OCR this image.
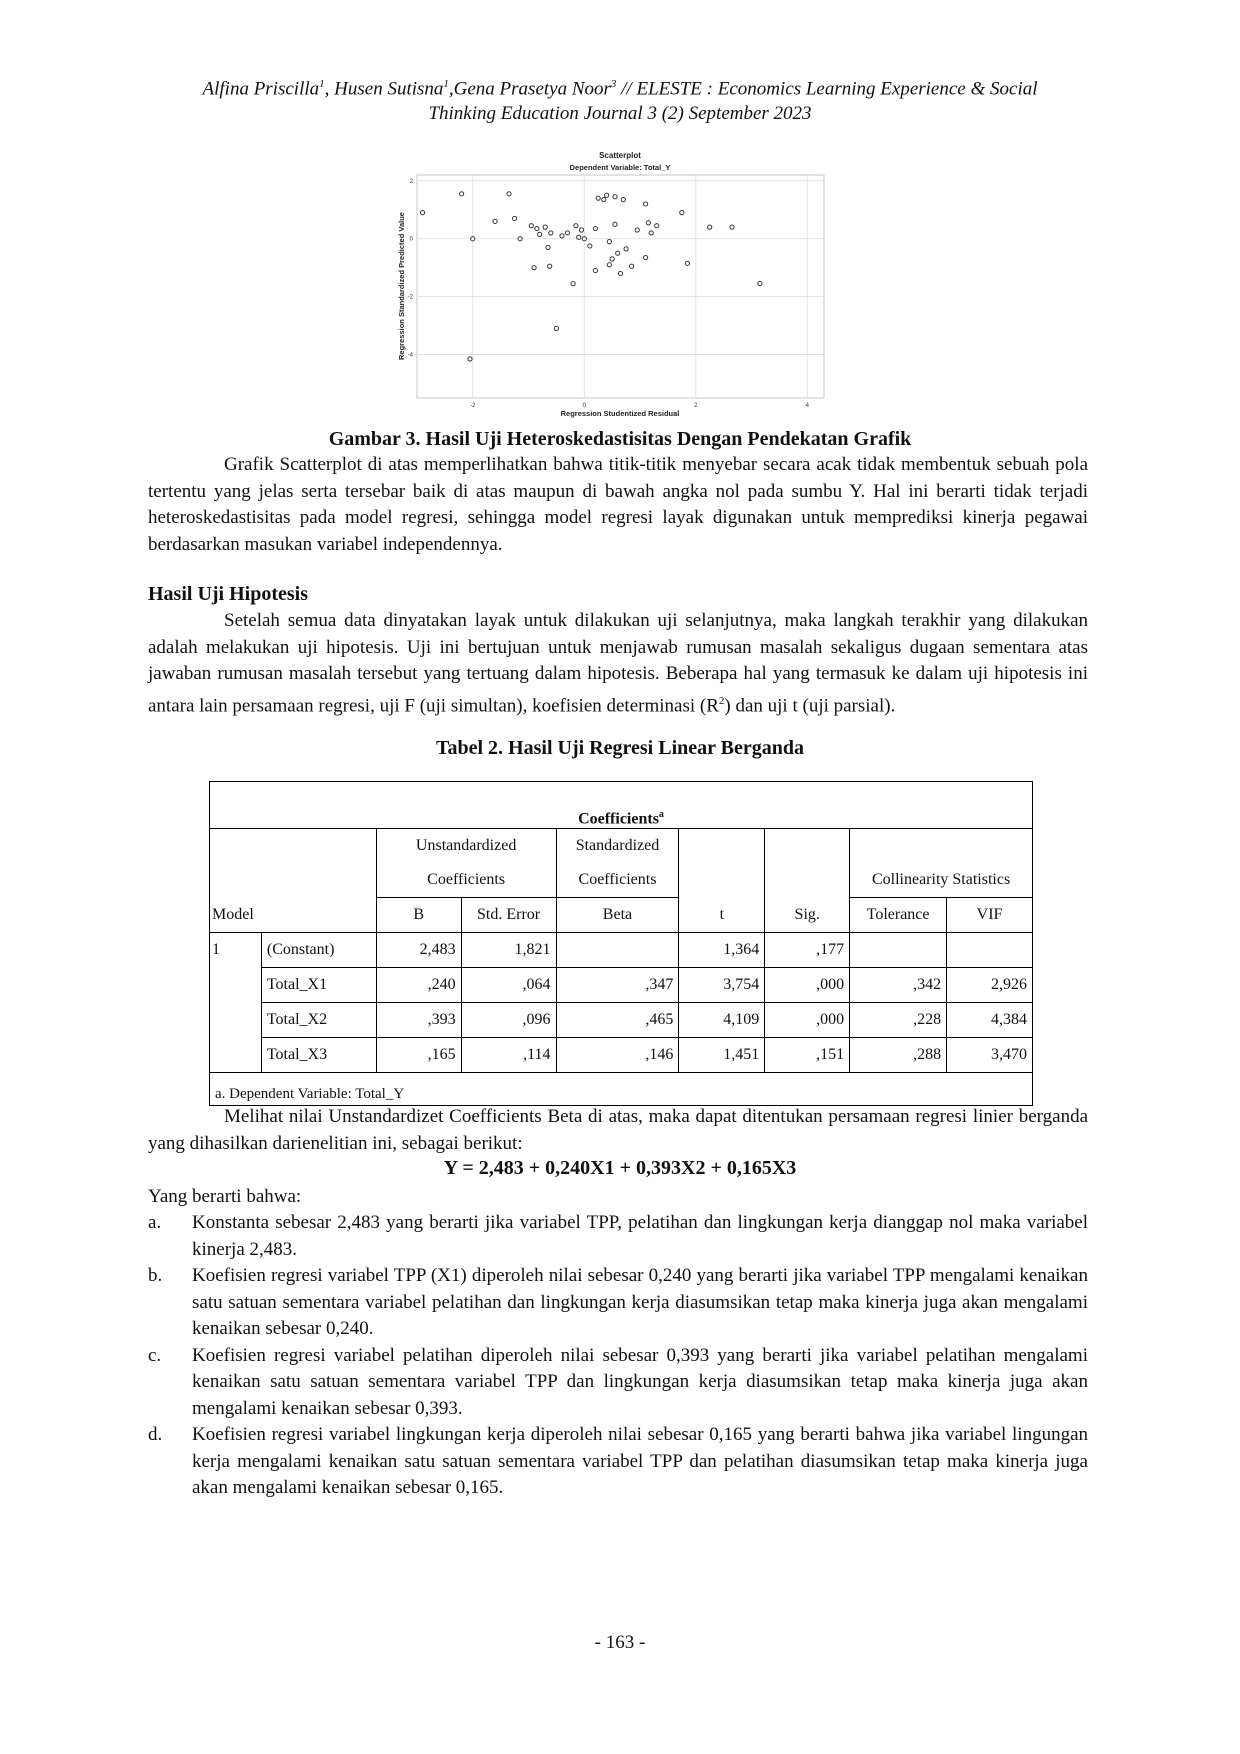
Alfina Priscilla$^1$, Husen Sutisna$^1$,Gena Prasetya Noor$^3$ // ELESTE : Economics Learning Experience & Social
Thinking Education Journal 3 (2) September 2023
Scatterplot
Dependent Variable: Total_Y
-2	0	2	4
2
0
-2
-4
Regression Studentized Residual
Regression Standardized Predicted Value
Gambar 3. Hasil Uji Heteroskedastisitas Dengan Pendekatan Grafik

Grafik Scatterplot di atas memperlihatkan bahwa titik-titik menyebar secara acak tidak membentuk sebuah pola tertentu yang jelas serta tersebar baik di atas maupun di bawah angka nol pada sumbu Y. Hal ini berarti tidak terjadi heteroskedastisitas pada model regresi, sehingga model regresi layak digunakan untuk memprediksi kinerja pegawai berdasarkan masukan variabel independennya.

Hasil Uji Hipotesis

Setelah semua data dinyatakan layak untuk dilakukan uji selanjutnya, maka langkah terakhir yang dilakukan adalah melakukan uji hipotesis. Uji ini bertujuan untuk menjawab rumusan masalah sekaligus dugaan sementara atas jawaban rumusan masalah tersebut yang tertuang dalam hipotesis. Beberapa hal yang termasuk ke dalam uji hipotesis ini antara lain persamaan regresi, uji F (uji simultan), koefisien determinasi $(R^2)$ dan uji t (uji parsial).

Tabel 2. Hasil Uji Regresi Linear Berganda
Coefficients$^a$
		Unstandardized		Standardized				
		Coefficients		Coefficients			Collinearity Statistics	
Model		B	Std. Error	Beta	t	Sig.	Tolerance	VIF
1	(Constant)	2,483	1,821		1,364	,177		
	Total_X1	,240	,064	,347	3,754	,000	,342	2,926
	Total_X2	,393	,096	,465	4,109	,000	,228	4,384
	Total_X3	,165	,114	,146	1,451	,151	,288	3,470
a. Dependent Variable: Total_Y								

Melihat nilai Unstandardizet Coefficients Beta di atas, maka dapat ditentukan persamaan regresi linier berganda yang dihasilkan darienelitian ini, sebagai berikut:

Y = 2,483 + 0,240X1 + 0,393X2 + 0,165X3
Yang berarti bahwa:
a. Konstanta sebesar 2,483 yang berarti jika variabel TPP, pelatihan dan lingkungan kerja dianggap nol maka variabel kinerja 2,483.
b. Koefisien regresi variabel TPP (X1) diperoleh nilai sebesar 0,240 yang berarti jika variabel TPP mengalami kenaikan satu satuan sementara variabel pelatihan dan lingkungan kerja diasumsikan tetap maka kinerja juga akan mengalami kenaikan sebesar 0,240.
c. Koefisien regresi variabel pelatihan diperoleh nilai sebesar 0,393 yang berarti jika variabel pelatihan mengalami kenaikan satu satuan sementara variabel TPP dan lingkungan kerja diasumsikan tetap maka kinerja juga akan mengalami kenaikan sebesar 0,393.
d. Koefisien regresi variabel lingkungan kerja diperoleh nilai sebesar 0,165 yang berarti bahwa jika variabel lingungan kerja mengalami kenaikan satu satuan sementara variabel TPP dan pelatihan diasumsikan tetap maka kinerja juga akan mengalami kenaikan sebesar 0,165.
- 163 -
